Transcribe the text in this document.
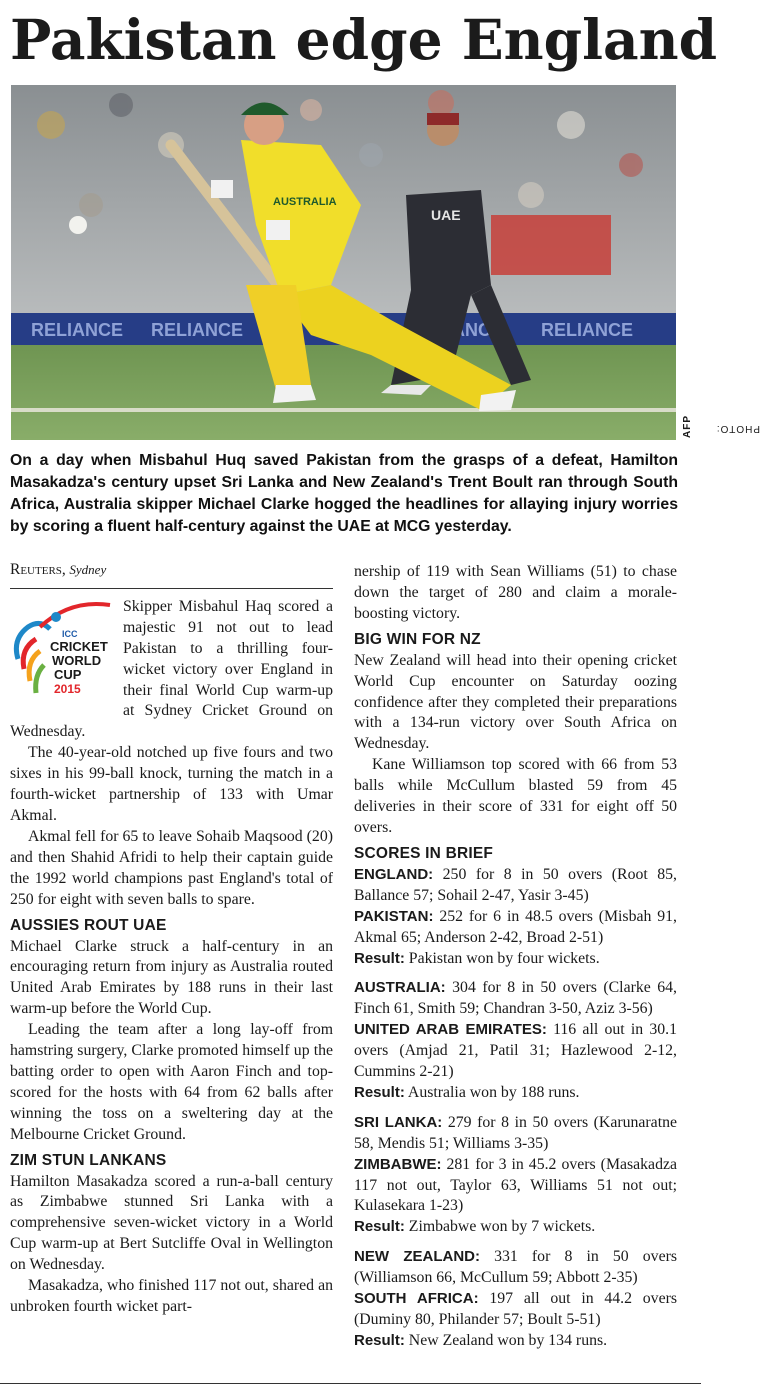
Pakistan edge England
RELIANCE RELIANCE	RELIANCE
UAE
AUSTRALIA
PHOTO:
AFP

On a day when Misbahul Huq saved Pakistan from the grasps of a defeat, Hamilton Masakadza's century upset Sri Lanka and New Zealand's Trent Boult ran through South Africa, Australia skipper Michael Clarke hogged the headlines for allaying injury worries by scoring a fluent half-century against the UAE at MCG yesterday.

Reuters, Sydney
ICC
CRICKET
WORLD
CUP
2015

Skipper Misbahul Haq scored a majestic 91 not out to lead Pakistan to a thrilling four-wicket victory over England in their final World Cup warm-up at Sydney Cricket Ground on Wednesday.

The 40-year-old notched up five fours and two sixes in his 99-ball knock, turning the match in a fourth-wicket partnership of 133 with Umar Akmal.

Akmal fell for 65 to leave Sohaib Maqsood (20) and then Shahid Afridi to help their captain guide the 1992 world champions past England's total of 250 for eight with seven balls to spare.

AUSSIES ROUT UAE

Michael Clarke struck a half-century in an encouraging return from injury as Australia routed United Arab Emirates by 188 runs in their last warm-up before the World Cup.

Leading the team after a long lay-off from hamstring surgery, Clarke promoted himself up the batting order to open with Aaron Finch and top-scored for the hosts with 64 from 62 balls after winning the toss on a sweltering day at the Melbourne Cricket Ground.

ZIM STUN LANKANS

Hamilton Masakadza scored a run-a-ball century as Zimbabwe stunned Sri Lanka with a comprehensive seven-wicket victory in a World Cup warm-up at Bert Sutcliffe Oval in Wellington on Wednesday.

Masakadza, who finished 117 not out, shared an unbroken fourth wicket part-

nership of 119 with Sean Williams (51) to chase down the target of 280 and claim a morale-boosting victory.

BIG WIN FOR NZ

New Zealand will head into their opening cricket World Cup encounter on Saturday oozing confidence after they completed their preparations with a 134-run victory over South Africa on Wednesday.

Kane Williamson top scored with 66 from 53 balls while McCullum blasted 59 from 45 deliveries in their score of 331 for eight off 50 overs.

SCORES IN BRIEF

ENGLAND: 250 for 8 in 50 overs (Root 85, Ballance 57; Sohail 2-47, Yasir 3-45)

PAKISTAN: 252 for 6 in 48.5 overs (Misbah 91, Akmal 65; Anderson 2-42, Broad 2-51)

Result: Pakistan won by four wickets.

AUSTRALIA: 304 for 8 in 50 overs (Clarke 64, Finch 61, Smith 59; Chandran 3-50, Aziz 3-56)

UNITED ARAB EMIRATES: 116 all out in 30.1 overs (Amjad 21, Patil 31; Hazlewood 2-12, Cummins 2-21)

Result: Australia won by 188 runs.

SRI LANKA: 279 for 8 in 50 overs (Karunaratne 58, Mendis 51; Williams 3-35)

ZIMBABWE: 281 for 3 in 45.2 overs (Masakadza 117 not out, Taylor 63, Williams 51 not out; Kulasekara 1-23)

Result: Zimbabwe won by 7 wickets.

NEW ZEALAND: 331 for 8 in 50 overs (Williamson 66, McCullum 59; Abbott 2-35)

SOUTH AFRICA: 197 all out in 44.2 overs (Duminy 80, Philander 57; Boult 5-51)

Result: New Zealand won by 134 runs.
